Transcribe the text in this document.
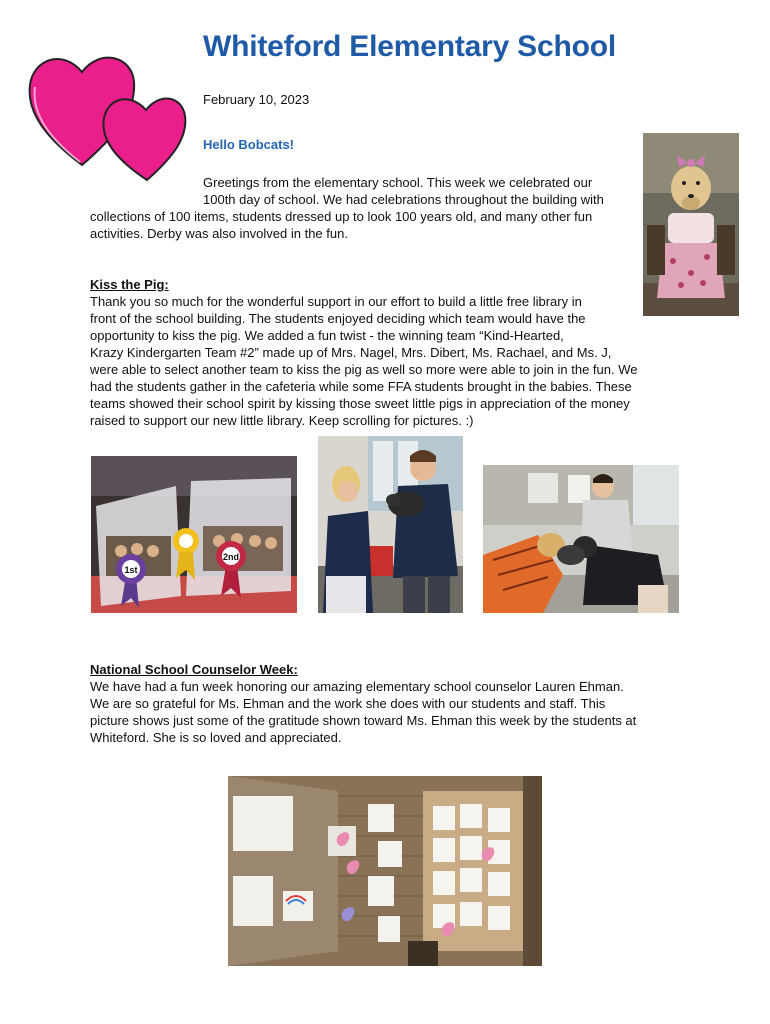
Whiteford Elementary School
February 10, 2023
Hello Bobcats!
Greetings from the elementary school. This week we celebrated our
100th day of school. We had celebrations throughout the building with
collections of 100 items, students dressed up to look 100 years old, and many other fun
activities. Derby was also involved in the fun.
Kiss the Pig:
Thank you so much for the wonderful support in our effort to build a little free library in
front of the school building. The students enjoyed deciding which team would have the
opportunity to kiss the pig. We added a fun twist - the winning team “Kind-Hearted,
Krazy Kindergarten Team #2” made up of Mrs. Nagel, Mrs. Dibert, Ms. Rachael, and Ms. J,
were able to select another team to kiss the pig as well so more were able to join in the fun. We
had the students gather in the cafeteria while some FFA students brought in the babies. These
teams showed their school spirit by kissing those sweet little pigs in appreciation of the money
raised to support our new little library. Keep scrolling for pictures. :)
1st
2nd
National School Counselor Week:
We have had a fun week honoring our amazing elementary school counselor Lauren Ehman.
We are so grateful for Ms. Ehman and the work she does with our students and staff. This
picture shows just some of the gratitude shown toward Ms. Ehman this week by the students at
Whiteford. She is so loved and appreciated.
